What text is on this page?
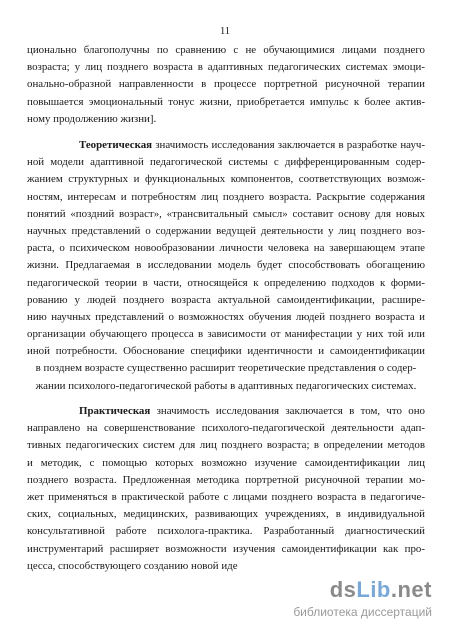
11
ционально благополучны по сравнению с не обучающимися лицами позднего
возраста; у лиц позднего возраста в адаптивных педагогических системах эмоци-
онально-образной направленности в процессе портретной рисуночной терапии
повышается эмоциональный тонус жизни, приобретается импульс к более актив-
ному продолжению жизни].
Теоретическая значимость исследования заключается в разработке науч-
ной модели адаптивной педагогической системы с дифференцированным содер-
жанием структурных и функциональных компонентов, соответствующих возмож-
ностям, интересам и потребностям лиц позднего возраста. Раскрытие содержания
понятий «поздний возраст», «трансвитальный смысл» составит основу для новых
научных представлений о содержании ведущей деятельности у лиц позднего воз-
раста, о психическом новообразовании личности человека на завершающем этапе
жизни. Предлагаемая в исследовании модель будет способствовать обогащению
педагогической теории в части, относящейся к определению подходов к форми-
рованию у людей позднего возраста актуальной самоидентификации, расшире-
нию научных представлений о возможностях обучения людей позднего возраста и
организации обучающего процесса в зависимости от манифестации у них той или
иной потребности. Обоснование специфики идентичности и самоидентификации
в позднем возрасте существенно расширит теоретические представления о содер-
жании психолого-педагогической работы в адаптивных педагогических системах.
Практическая значимость исследования заключается в том, что оно
направлено на совершенствование психолого-педагогической деятельности адап-
тивных педагогических систем для лиц позднего возраста; в определении методов
и методик, с помощью которых возможно изучение самоидентификации лиц
позднего возраста. Предложенная методика портретной рисуночной терапии мо-
жет применяться в практической работе с лицами позднего возраста в педагогиче-
ских, социальных, медицинских, развивающих учреждениях, в индивидуальной
консультативной работе психолога-практика. Разработанный диагностический
инструментарий расширяет возможности изучения самоидентификации как про-
цесса, способствующего созданию новой иде
dsLib.net
библиотека диссертаций
